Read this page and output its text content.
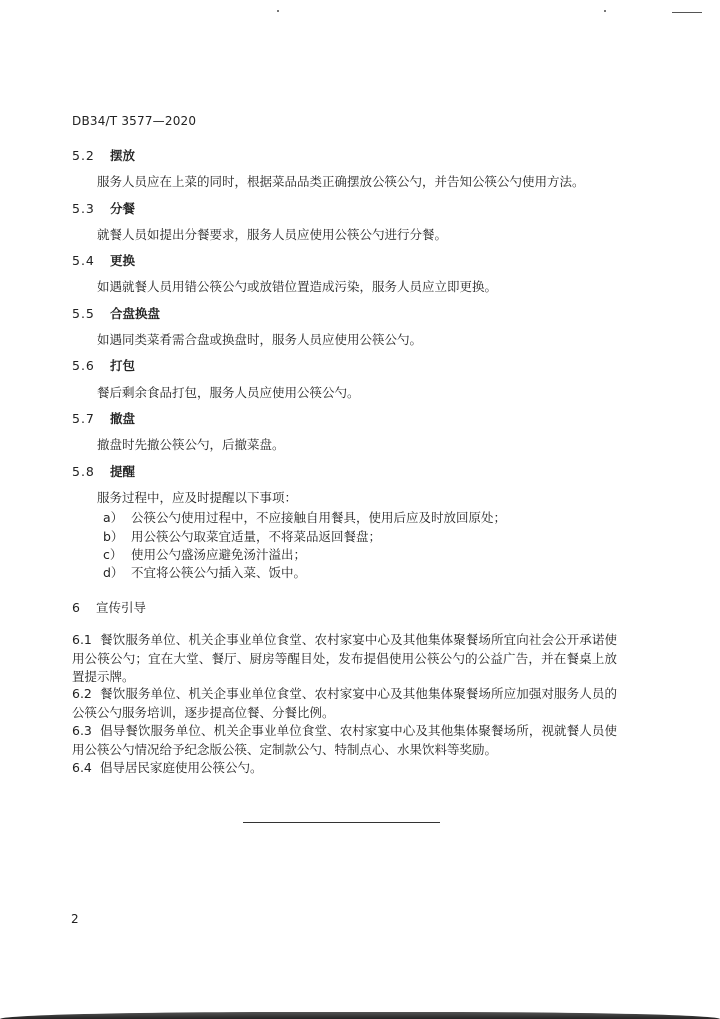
DB34/T 3577—2020
5.2 摆放
服务人员应在上菜的同时，根据菜品品类正确摆放公筷公勺，并告知公筷公勺使用方法。
5.3 分餐
就餐人员如提出分餐要求，服务人员应使用公筷公勺进行分餐。
5.4 更换
如遇就餐人员用错公筷公勺或放错位置造成污染，服务人员应立即更换。
5.5 合盘换盘
如遇同类菜肴需合盘或换盘时，服务人员应使用公筷公勺。
5.6 打包
餐后剩余食品打包，服务人员应使用公筷公勺。
5.7 撤盘
撤盘时先撤公筷公勺，后撤菜盘。
5.8 提醒
服务过程中，应及时提醒以下事项：
a） 公筷公勺使用过程中，不应接触自用餐具，使用后应及时放回原处；
b） 用公筷公勺取菜宜适量，不将菜品返回餐盘；
c） 使用公勺盛汤应避免汤汁溢出；
d） 不宜将公筷公勺插入菜、饭中。
6 宣传引导
6.1 餐饮服务单位、机关企事业单位食堂、农村家宴中心及其他集体聚餐场所宜向社会公开承诺使用公筷公勺；宜在大堂、餐厅、厨房等醒目处，发布提倡使用公筷公勺的公益广告，并在餐桌上放置提示牌。
6.2 餐饮服务单位、机关企事业单位食堂、农村家宴中心及其他集体聚餐场所应加强对服务人员的公筷公勺服务培训，逐步提高位餐、分餐比例。
6.3 倡导餐饮服务单位、机关企事业单位食堂、农村家宴中心及其他集体聚餐场所，视就餐人员使用公筷公勺情况给予纪念版公筷、定制款公勺、特制点心、水果饮料等奖励。
6.4 倡导居民家庭使用公筷公勺。
2
